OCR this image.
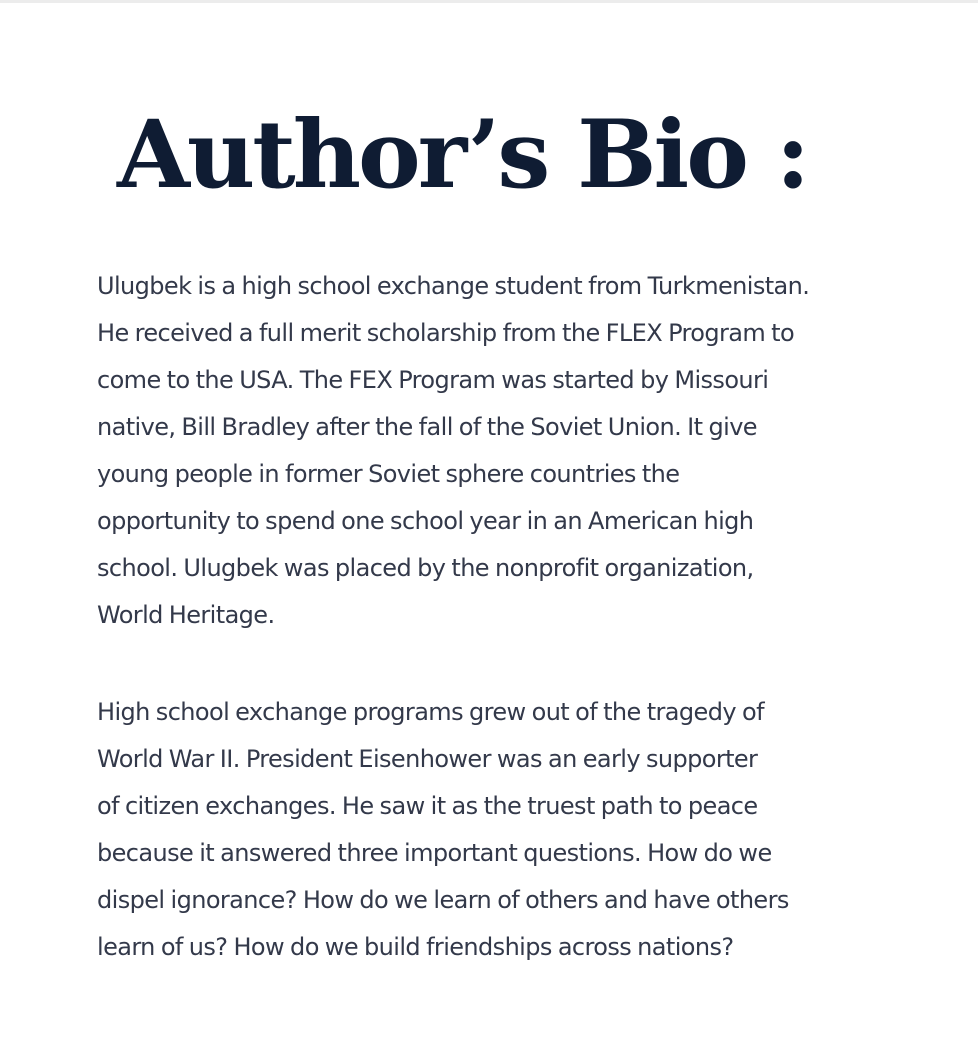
Author’s Bio :

Ulugbek is a high school exchange student from Turkmenistan.
He received a full merit scholarship from the FLEX Program to
come to the USA. The FEX Program was started by Missouri
native, Bill Bradley after the fall of the Soviet Union. It give
young people in former Soviet sphere countries the
opportunity to spend one school year in an American high
school. Ulugbek was placed by the nonprofit organization,
World Heritage.

High school exchange programs grew out of the tragedy of
World War II. President Eisenhower was an early supporter
of citizen exchanges. He saw it as the truest path to peace
because it answered three important questions. How do we
dispel ignorance? How do we learn of others and have others
learn of us? How do we build friendships across nations?
